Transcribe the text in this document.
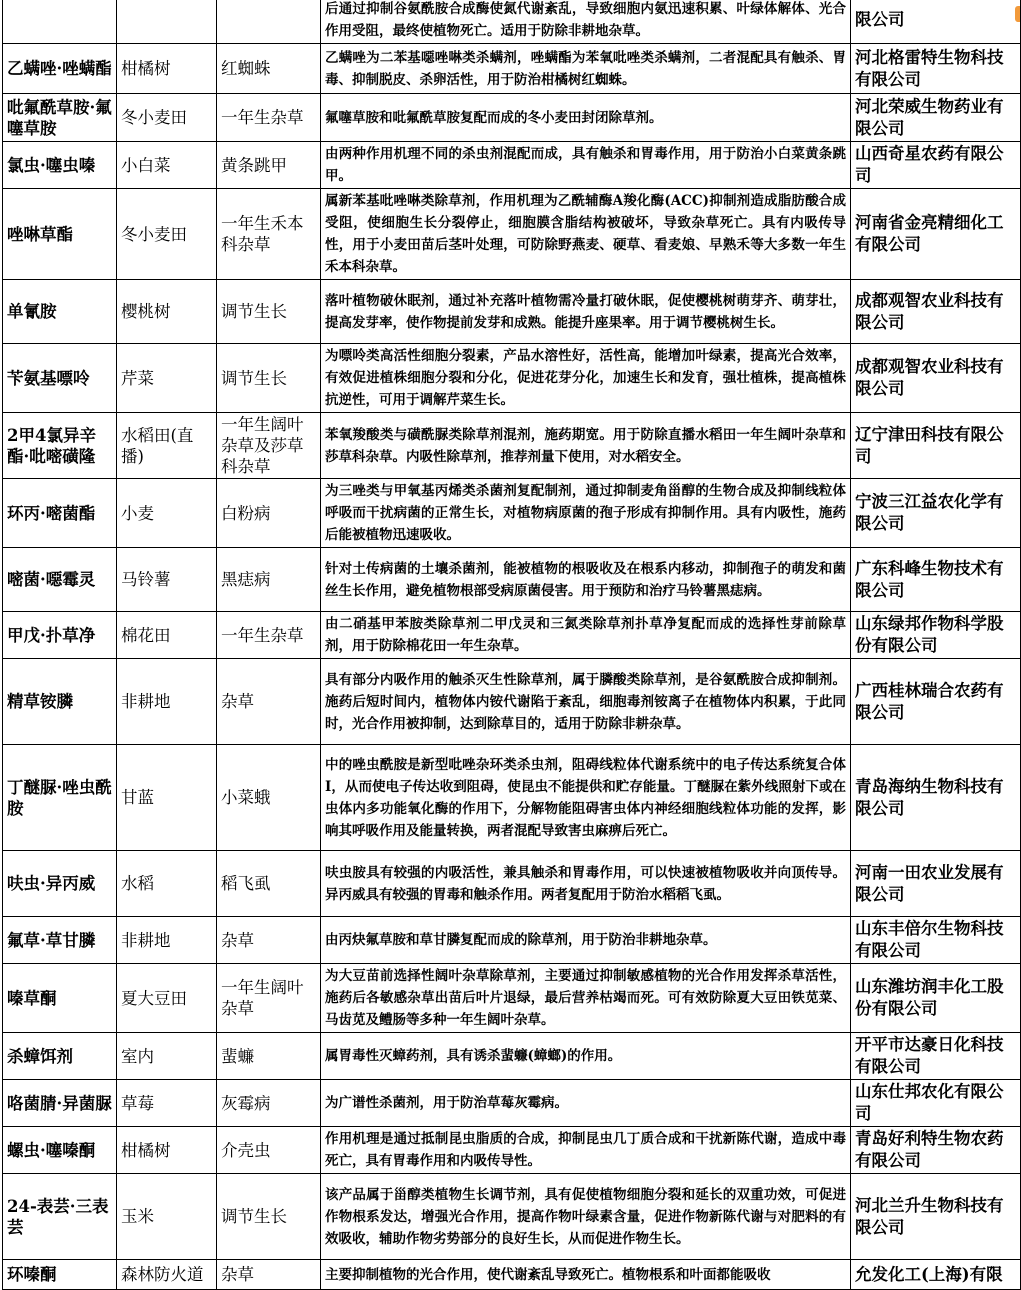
			后通过抑制谷氨酰胺合成酶使氮代谢紊乱，导致细胞内氨迅速积累、叶绿体解体、光合作用受阻，最终使植物死亡。适用于防除非耕地杂草。	限公司
乙螨唑·唑螨酯	柑橘树	红蜘蛛	乙螨唑为二苯基噁唑啉类杀螨剂，唑螨酯为苯氧吡唑类杀螨剂，二者混配具有触杀、胃毒、抑制脱皮、杀卵活性，用于防治柑橘树红蜘蛛。	河北格雷特生物科技有限公司
吡氟酰草胺·氟噻草胺	冬小麦田	一年生杂草	氟噻草胺和吡氟酰草胺复配而成的冬小麦田封闭除草剂。	河北荣威生物药业有限公司
氯虫·噻虫嗪	小白菜	黄条跳甲	由两种作用机理不同的杀虫剂混配而成，具有触杀和胃毒作用，用于防治小白菜黄条跳甲。	山西奇星农药有限公司
唑啉草酯	冬小麦田	一年生禾本科杂草	属新苯基吡唑啉类除草剂，作用机理为乙酰辅酶A羧化酶(ACC)抑制剂造成脂肪酸合成受阻，使细胞生长分裂停止，细胞膜含脂结构被破坏，导致杂草死亡。具有内吸传导性，用于小麦田苗后茎叶处理，可防除野燕麦、硬草、看麦娘、早熟禾等大多数一年生禾本科杂草。	河南省金亮精细化工有限公司
单氰胺	樱桃树	调节生长	落叶植物破休眠剂，通过补充落叶植物需冷量打破休眠，促使樱桃树萌芽齐、萌芽壮，提高发芽率，使作物提前发芽和成熟。能提升座果率。用于调节樱桃树生长。	成都观智农业科技有限公司
苄氨基嘌呤	芹菜	调节生长	为嘌呤类高活性细胞分裂素，产品水溶性好，活性高，能增加叶绿素，提高光合效率，有效促进植株细胞分裂和分化，促进花芽分化，加速生长和发育，强壮植株，提高植株抗逆性，可用于调解芹菜生长。	成都观智农业科技有限公司
2甲4氯异辛酯·吡嘧磺隆	水稻田(直播)	一年生阔叶杂草及莎草科杂草	苯氧羧酸类与磺酰脲类除草剂混剂，施药期宽。用于防除直播水稻田一年生阔叶杂草和莎草科杂草。内吸性除草剂，推荐剂量下使用，对水稻安全。	辽宁津田科技有限公司
环丙·嘧菌酯	小麦	白粉病	为三唑类与甲氧基丙烯类杀菌剂复配制剂，通过抑制麦角甾醇的生物合成及抑制线粒体呼吸而干扰病菌的正常生长，对植物病原菌的孢子形成有抑制作用。具有内吸性，施药后能被植物迅速吸收。	宁波三江益农化学有限公司
嘧菌·噁霉灵	马铃薯	黑痣病	针对土传病菌的土壤杀菌剂，能被植物的根吸收及在根系内移动，抑制孢子的萌发和菌丝生长作用，避免植物根部受病原菌侵害。用于预防和治疗马铃薯黑痣病。	广东科峰生物技术有限公司
甲戊·扑草净	棉花田	一年生杂草	由二硝基甲苯胺类除草剂二甲戊灵和三氮类除草剂扑草净复配而成的选择性芽前除草剂，用于防除棉花田一年生杂草。	山东绿邦作物科学股份有限公司
精草铵膦	非耕地	杂草	具有部分内吸作用的触杀灭生性除草剂，属于膦酸类除草剂，是谷氨酰胺合成抑制剂。施药后短时间内，植物体内铵代谢陷于紊乱，细胞毒剂铵离子在植物体内积累，于此同时，光合作用被抑制，达到除草目的，适用于防除非耕杂草。	广西桂林瑞合农药有限公司
丁醚脲·唑虫酰胺	甘蓝	小菜蛾	中的唑虫酰胺是新型吡唑杂环类杀虫剂，阻碍线粒体代谢系统中的电子传达系统复合体I，从而使电子传达收到阻碍，使昆虫不能提供和贮存能量。丁醚脲在紫外线照射下或在虫体内多功能氧化酶的作用下，分解物能阻碍害虫体内神经细胞线粒体功能的发挥，影响其呼吸作用及能量转换，两者混配导致害虫麻痹后死亡。	青岛海纳生物科技有限公司
呋虫·异丙威	水稻	稻飞虱	呋虫胺具有较强的内吸活性，兼具触杀和胃毒作用，可以快速被植物吸收并向顶传导。异丙威具有较强的胃毒和触杀作用。两者复配用于防治水稻稻飞虱。	河南一田农业发展有限公司
氟草·草甘膦	非耕地	杂草	由丙炔氟草胺和草甘膦复配而成的除草剂，用于防治非耕地杂草。	山东丰倍尔生物科技有限公司
嗪草酮	夏大豆田	一年生阔叶杂草	为大豆苗前选择性阔叶杂草除草剂，主要通过抑制敏感植物的光合作用发挥杀草活性，施药后各敏感杂草出苗后叶片退绿，最后营养枯竭而死。可有效防除夏大豆田铁苋菜、马齿苋及鳢肠等多种一年生阔叶杂草。	山东潍坊润丰化工股份有限公司
杀蟑饵剂	室内	蜚蠊	属胃毒性灭蟑药剂，具有诱杀蜚蠊(蟑螂)的作用。	开平市达豪日化科技有限公司
咯菌腈·异菌脲	草莓	灰霉病	为广谱性杀菌剂，用于防治草莓灰霉病。	山东仕邦农化有限公司
螺虫·噻嗪酮	柑橘树	介壳虫	作用机理是通过抵制昆虫脂质的合成，抑制昆虫几丁质合成和干扰新陈代谢，造成中毒死亡，具有胃毒作用和内吸传导性。	青岛好利特生物农药有限公司
24-表芸·三表芸	玉米	调节生长	该产品属于甾醇类植物生长调节剂，具有促使植物细胞分裂和延长的双重功效，可促进作物根系发达，增强光合作用，提高作物叶绿素含量，促进作物新陈代谢与对肥料的有效吸收，辅助作物劣势部分的良好生长，从而促进作物生长。	河北兰升生物科技有限公司
环嗪酮	森林防火道	杂草	主要抑制植物的光合作用，使代谢紊乱导致死亡。植物根系和叶面都能吸收	允发化工(上海)有限
